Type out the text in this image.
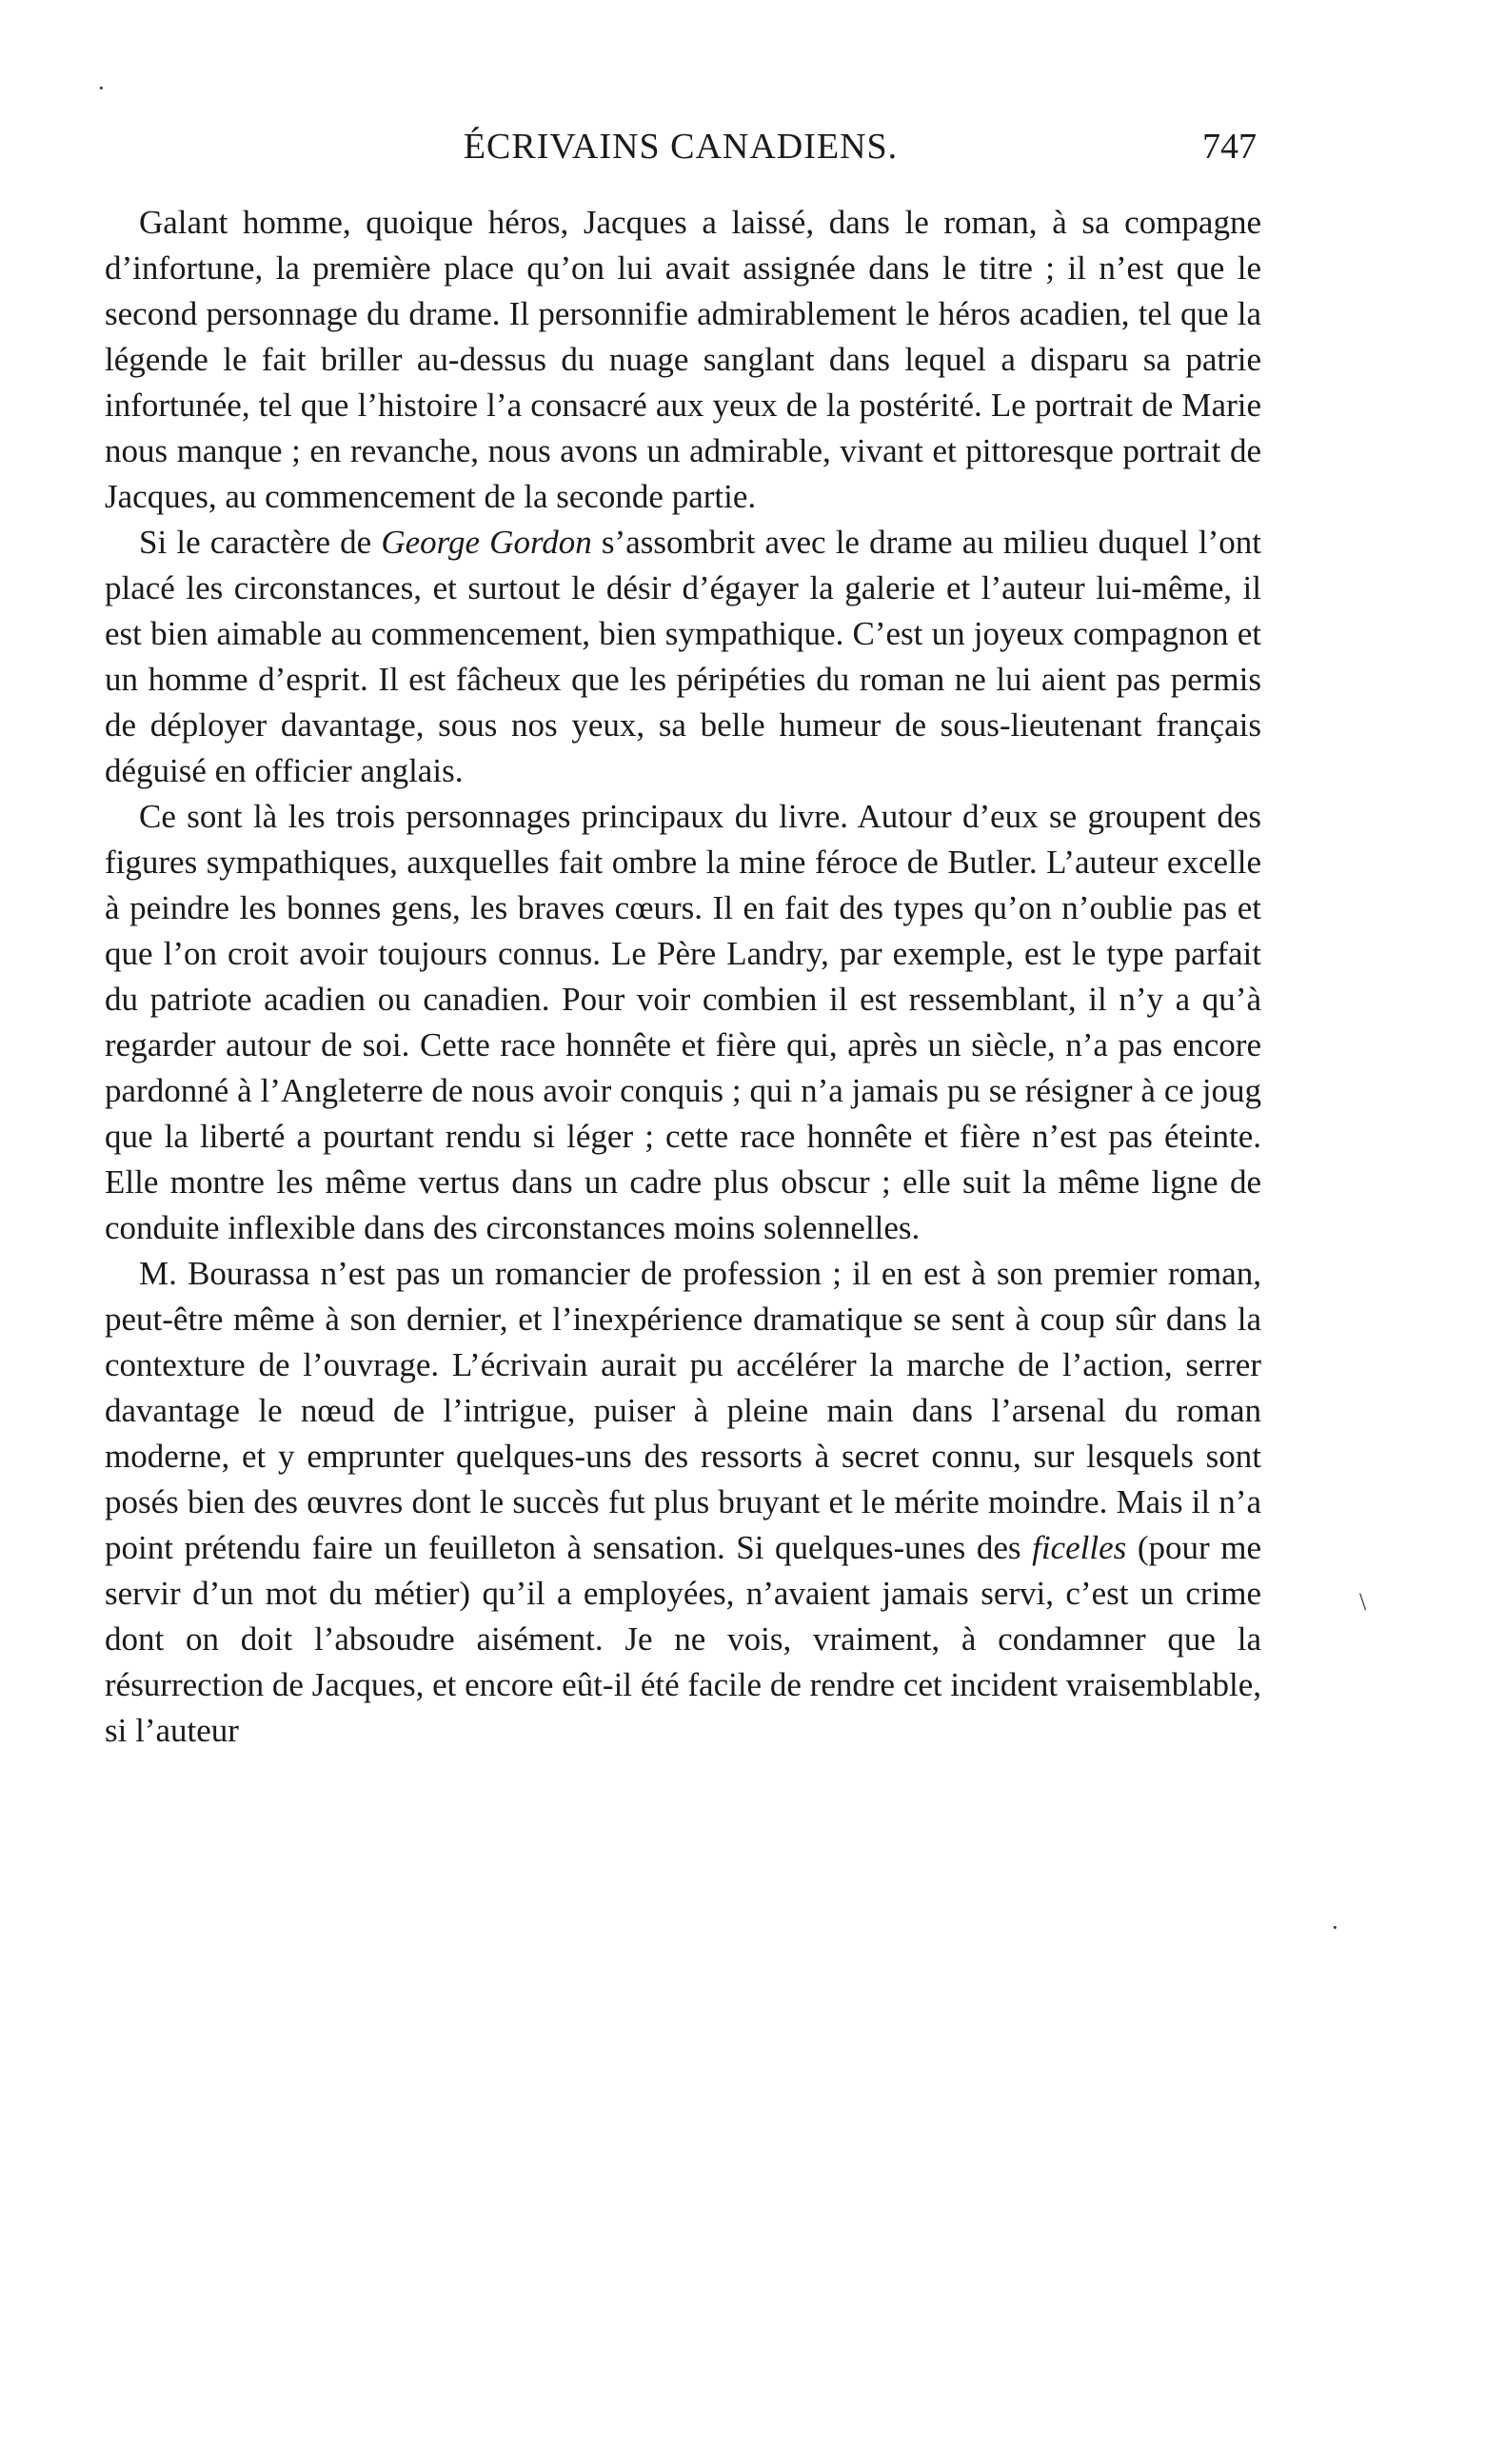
ÉCRIVAINS CANADIENS.	747

Galant homme, quoique héros, Jacques a laissé, dans le roman, à sa compagne d’infortune, la première place qu’on lui avait assignée dans le titre ; il n’est que le second personnage du drame. Il personnifie admirablement le héros acadien, tel que la légende le fait briller au-dessus du nuage sanglant dans lequel a disparu sa patrie infortunée, tel que l’histoire l’a consacré aux yeux de la postérité. Le portrait de Marie nous manque ; en revanche, nous avons un admirable, vivant et pittoresque portrait de Jacques, au commencement de la seconde partie.

Si le caractère de George Gordon s’assombrit avec le drame au milieu duquel l’ont placé les circonstances, et surtout le désir d’égayer la galerie et l’auteur lui-même, il est bien aimable au commencement, bien sympathique. C’est un joyeux compagnon et un homme d’esprit. Il est fâcheux que les péripéties du roman ne lui aient pas permis de déployer davantage, sous nos yeux, sa belle humeur de sous-lieutenant français déguisé en officier anglais.

Ce sont là les trois personnages principaux du livre. Autour d’eux se groupent des figures sympathiques, auxquelles fait ombre la mine féroce de Butler. L’auteur excelle à peindre les bonnes gens, les braves cœurs. Il en fait des types qu’on n’oublie pas et que l’on croit avoir toujours connus. Le Père Landry, par exemple, est le type parfait du patriote acadien ou canadien. Pour voir combien il est ressemblant, il n’y a qu’à regarder autour de soi. Cette race honnête et fière qui, après un siècle, n’a pas encore pardonné à l’Angleterre de nous avoir conquis ; qui n’a jamais pu se résigner à ce joug que la liberté a pourtant rendu si léger ; cette race honnête et fière n’est pas éteinte. Elle montre les même vertus dans un cadre plus obscur ; elle suit la même ligne de conduite inflexible dans des circonstances moins solennelles.

M. Bourassa n’est pas un romancier de profession ; il en est à son premier roman, peut-être même à son dernier, et l’inexpérience dramatique se sent à coup sûr dans la contexture de l’ouvrage. L’écrivain aurait pu accélérer la marche de l’action, serrer davantage le nœud de l’intrigue, puiser à pleine main dans l’arsenal du roman moderne, et y emprunter quelques-uns des ressorts à secret connu, sur lesquels sont posés bien des œuvres dont le succès fut plus bruyant et le mérite moindre. Mais il n’a point prétendu faire un feuilleton à sensation. Si quelques-unes des ficelles (pour me servir d’un mot du métier) qu’il a employées, n’avaient jamais servi, c’est un crime dont on doit l’absoudre aisément. Je ne vois, vraiment, à condamner que la résurrection de Jacques, et encore eût-il été facile de rendre cet incident vraisemblable, si l’auteur

·
\
·
